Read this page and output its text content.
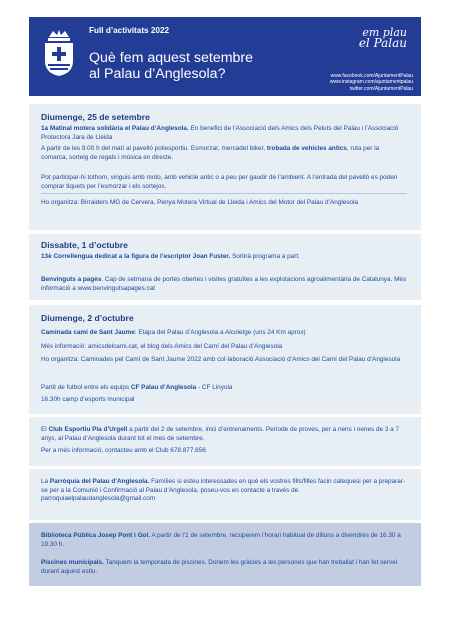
Full d’activitats 2022
Què fem aquest setembre
al Palau d’Anglesola?
em plau
el Palau
www.facebook.com/AjuntamentPalau
www.instagram.com/ajuntamentpalau
twitter.com/AjuntamentPalau
Diumenge, 25 de setembre

1a Matinal motera solidària el Palau d’Anglesola. En benefici de l’Associació dels Amics dels Peluts del Palau i l’Associació Protectora Jara de Lleida

A partir de les 9.00 h del matí al pavelló poliesportiu. Esmorzar, mercadet biker, trobada de vehicles antics, ruta per la comarca, sorteig de regals i música en directe.

Pot participar-hi tothom, vinguis amb moto, amb vehicle antic o a peu per gaudir de l’ambient. A l’entrada del pavelló es poden comprar tiquets per l’esmorzar i els sortejos.

Ho organitza: Birraiders MG de Cervera, Penya Motera Virtual de Lleida i Amics del Motor del Palau d’Anglesola

Dissabte, 1 d’octubre

13è Correllengua dedicat a la figura de l’escriptor Joan Fuster. Sortirà programa a part.

Benvinguts a pagès. Cap de setmana de portes obertes i visites gratuïtes a les explotacions agroalimentària de Catalunya. Més informació a www.benvingutsapages.cat

Diumenge, 2 d’octubre

Caminada camí de Sant Jaume: Etapa del Palau d’Anglesola a Alcoletge (uns 24 Km aprox)

Més informació: amicsdelcami.cat, el blog dels Amics del Camí del Palau d’Anglesola

Ho organitza: Caminades pel Camí de Sant Jaume 2022 amb col·laboració Associació d’Amics del Camí del Palau d’Anglesola

Partit de futbol entre els equips CF Palau d’Anglesola - CF Linyola

16.30h camp d’esports municipal

El Club Esportiu Pla d’Urgell a partir del 2 de setembre, inici d’entrenaments. Període de proves, per a nens i nenes de 3 a 7 anys, al Palau d’Anglesola durant tot el mes de setembre.

Per a més informació, contacteu amb el Club 678.877.856

La Parròquia del Palau d’Anglesola. Famílies si esteu interessades en què els vostres fills/filles facin catequesi per a preparar-se per a la Comunió i Confirmació al Palau d’Anglesola, poseu-vos en contacte a través de parroquiaelpalaudanglesola@gmail.com

Biblioteca Pública Josep Pont i Gol. A partir de l’1 de setembre, recuperem l’horari habitual de dilluns a divendres de 16.30 a 19.30 h.

Piscines municipals. Tanquem la temporada de piscines. Donem les gràcies a les persones que han treballat i han fet servei durant aquest estiu.
